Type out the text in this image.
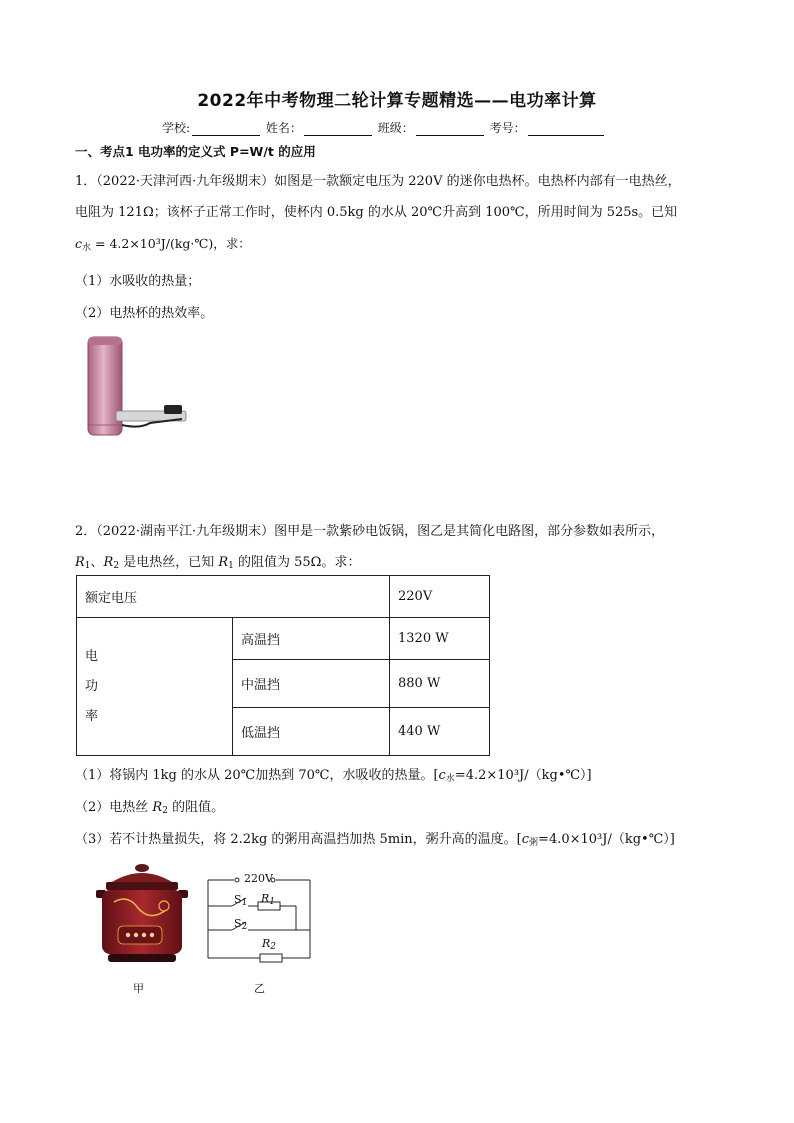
2022年中考物理二轮计算专题精选——电功率计算
学校:	姓名：	班级：	考号：
一、考点1 电功率的定义式 P=W/t 的应用
1．（2022·天津河西·九年级期末）如图是一款额定电压为 220V 的迷你电热杯。电热杯内部有一电热丝，
电阻为 121Ω；该杯子正常工作时，使杯内 0.5kg 的水从 20℃升高到 100℃，所用时间为 525s。已知
$c_水$ = 4.2×10³J/(kg·℃)，求：
（1）水吸收的热量；
（2）电热杯的热效率。
2．（2022·湖南平江·九年级期末）图甲是一款紫砂电饭锅，图乙是其简化电路图，部分参数如表所示，
$R_1$、$R_2$ 是电热丝，已知 $R_1$ 的阻值为 55Ω。求：
额定电压		220V

电
功
率	高温挡	1320 W
	中温挡	880 W
	低温挡	440 W
（1）将锅内 1kg 的水从 20℃加热到 70℃，水吸收的热量。$[c_水=4.2\times 10^3J/(kg•℃)]$
（2）电热丝 $R_2$ 的阻值。
（3）若不计热量损失，将 2.2kg 的粥用高温挡加热 5min，粥升高的温度。$[c_粥=4.0\times 10^3J/(kg•℃)]$
甲
220V
$S_1$ $R_1$
$S_2$
$R_2$
乙
